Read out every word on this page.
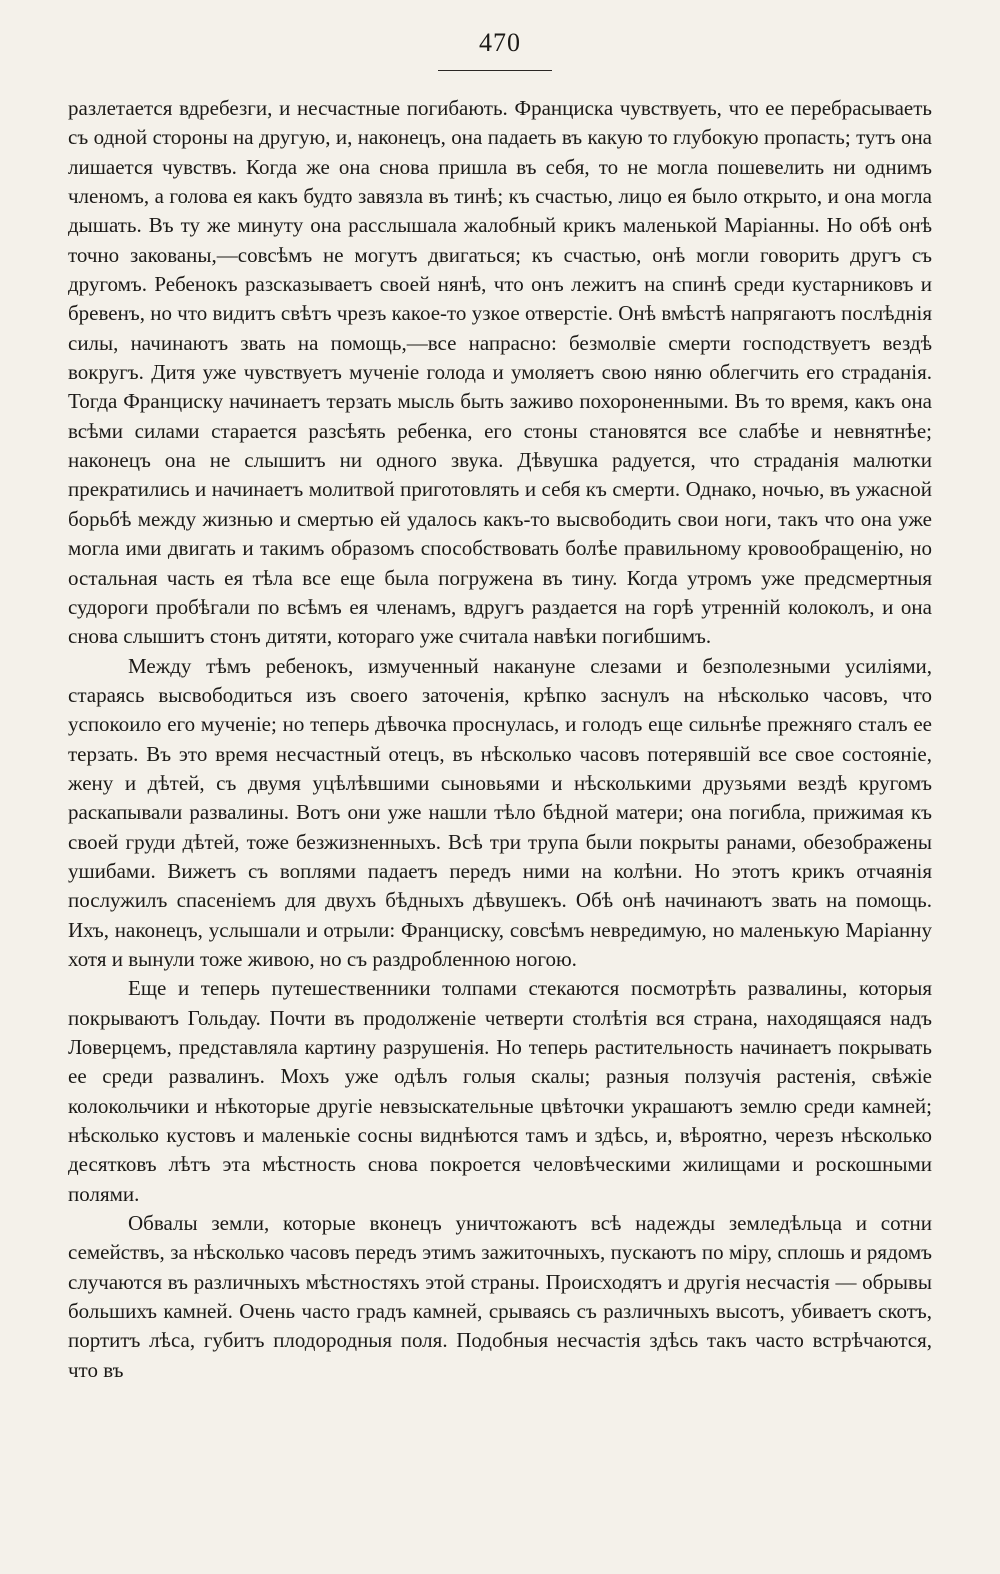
470

разлетается вдребезги, и несчастные погибають. Франциска чувствуеть, что ее перебрасываеть съ одной стороны на другую, и, наконецъ, она падаеть въ какую то глубокую пропасть; тутъ она лишается чувствъ. Когда же она снова пришла въ себя, то не могла пошевелить ни однимъ членомъ, а голова ея какъ будто завязла въ тинѣ; къ счастью, лицо ея было открыто, и она могла дышать. Въ ту же минуту она расслышала жалобный крикъ маленькой Маріанны. Но обѣ онѣ точно закованы,—совсѣмъ не могутъ двигаться; къ счастью, онѣ могли говорить другъ съ другомъ. Ребенокъ разсказываетъ своей нянѣ, что онъ лежитъ на спинѣ среди кустарниковъ и бревенъ, но что видитъ свѣтъ чрезъ какое-то узкое отверстіе. Онѣ вмѣстѣ напрягаютъ послѣднія силы, начинаютъ звать на помощь,—все напрасно: безмолвіе смерти господствуетъ вездѣ вокругъ. Дитя уже чувствуетъ мученіе голода и умоляетъ свою няню облегчить его страданія. Тогда Франциску начинаетъ терзать мысль быть заживо похороненными. Въ то время, какъ она всѣми силами старается разсѣять ребенка, его стоны становятся все слабѣе и невнятнѣе; наконецъ она не слышитъ ни одного звука. Дѣвушка радуется, что страданія малютки прекратились и начинаетъ молитвой приготовлять и себя къ смерти. Однако, ночью, въ ужасной борьбѣ между жизнью и смертью ей удалось какъ-то высвободить свои ноги, такъ что она уже могла ими двигать и такимъ образомъ способствовать болѣе правильному кровообращенію, но остальная часть ея тѣла все еще была погружена въ тину. Когда утромъ уже предсмертныя судороги пробѣгали по всѣмъ ея членамъ, вдругъ раздается на горѣ утренній колоколъ, и она снова слышитъ стонъ дитяти, котораго уже считала навѣки погибшимъ.

Между тѣмъ ребенокъ, измученный накануне слезами и безполезными усиліями, стараясь высвободиться изъ своего заточенія, крѣпко заснулъ на нѣсколько часовъ, что успокоило его мученіе; но теперь дѣвочка проснулась, и голодъ еще сильнѣе прежняго сталъ ее терзать. Въ это время несчастный отецъ, въ нѣсколько часовъ потерявшій все свое состояніе, жену и дѣтей, съ двумя уцѣлѣвшими сыновьями и нѣсколькими друзьями вездѣ кругомъ раскапывали развалины. Вотъ они уже нашли тѣло бѣдной матери; она погибла, прижимая къ своей груди дѣтей, тоже безжизненныхъ. Всѣ три трупа были покрыты ранами, обезображены ушибами. Вижетъ съ воплями падаетъ передъ ними на колѣни. Но этотъ крикъ отчаянія послужилъ спасеніемъ для двухъ бѣдныхъ дѣвушекъ. Обѣ онѣ начинаютъ звать на помощь. Ихъ, наконецъ, услышали и отрыли: Франциску, совсѣмъ невредимую, но маленькую Маріанну хотя и вынули тоже живою, но съ раздробленною ногою.

Еще и теперь путешественники толпами стекаются посмотрѣть развалины, которыя покрываютъ Гольдау. Почти въ продолженіе четверти столѣтія вся страна, находящаяся надъ Ловерцемъ, представляла картину разрушенія. Но теперь растительность начинаетъ покрывать ее среди развалинъ. Мохъ уже одѣлъ голыя скалы; разныя ползучія растенія, свѣжіе колокольчики и нѣкоторые другіе невзыскательные цвѣточки украшаютъ землю среди камней; нѣсколько кустовъ и маленькіе сосны виднѣются тамъ и здѣсь, и, вѣроятно, черезъ нѣсколько десятковъ лѣтъ эта мѣстность снова покроется человѣческими жилищами и роскошными полями.

Обвалы земли, которые вконецъ уничтожаютъ всѣ надежды земледѣльца и сотни семействъ, за нѣсколько часовъ передъ этимъ зажиточныхъ, пускаютъ по міру, сплошь и рядомъ случаются въ различныхъ мѣстностяхъ этой страны. Происходятъ и другія несчастія — обрывы большихъ камней. Очень часто градъ камней, срываясь съ различныхъ высотъ, убиваетъ скотъ, портитъ лѣса, губитъ плодородныя поля. Подобныя несчастія здѣсь такъ часто встрѣчаются, что въ
